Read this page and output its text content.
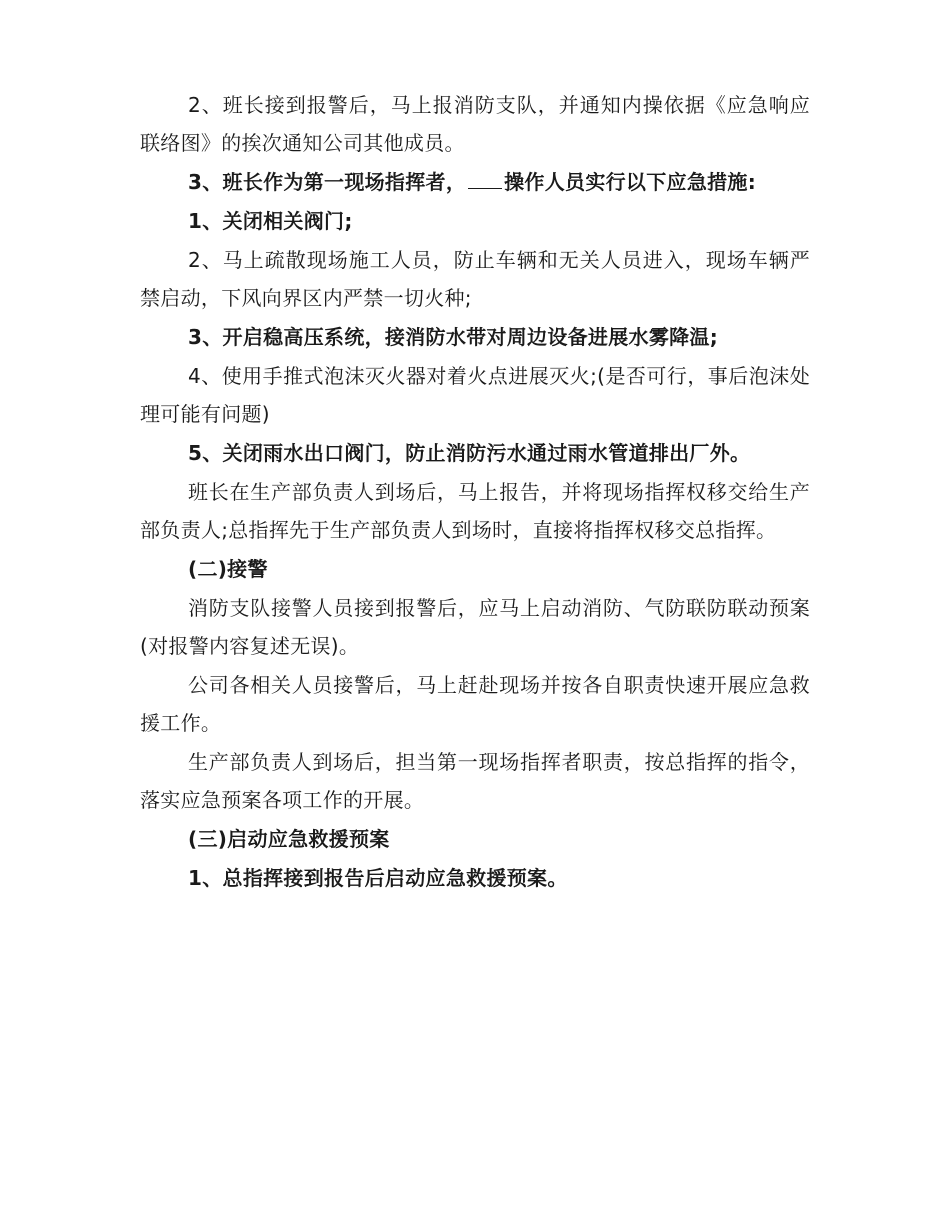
2、班长接到报警后，马上报消防支队，并通知内操依据《应急响应联络图》的挨次通知公司其他成员。

3、班长作为第一现场指挥者， 操作人员实行以下应急措施:

1、关闭相关阀门;

2、马上疏散现场施工人员，防止车辆和无关人员进入，现场车辆严禁启动，下风向界区内严禁一切火种;

3、开启稳高压系统，接消防水带对周边设备进展水雾降温;

4、使用手推式泡沫灭火器对着火点进展灭火;(是否可行，事后泡沫处理可能有问题)

5、关闭雨水出口阀门，防止消防污水通过雨水管道排出厂外。

班长在生产部负责人到场后，马上报告，并将现场指挥权移交给生产部负责人;总指挥先于生产部负责人到场时，直接将指挥权移交总指挥。

(二)接警

消防支队接警人员接到报警后，应马上启动消防、气防联防联动预案(对报警内容复述无误)。

公司各相关人员接警后，马上赶赴现场并按各自职责快速开展应急救援工作。

生产部负责人到场后，担当第一现场指挥者职责，按总指挥的指令，落实应急预案各项工作的开展。

(三)启动应急救援预案

1、总指挥接到报告后启动应急救援预案。
